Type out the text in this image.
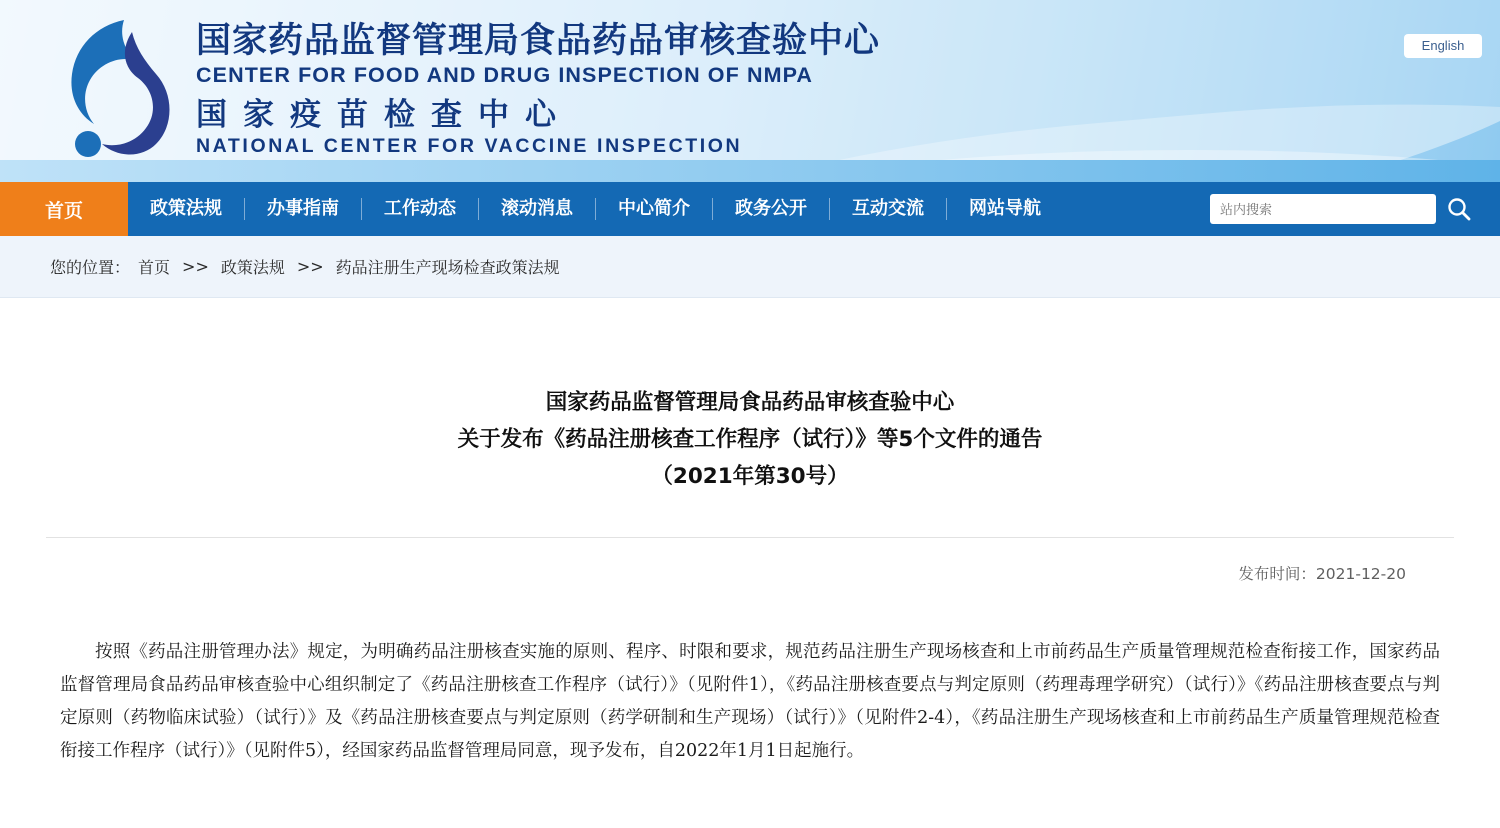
国家药品监督管理局食品药品审核查验中心
CENTER FOR FOOD AND DRUG INSPECTION OF NMPA
国家疫苗检查中心
NATIONAL CENTER FOR VACCINE INSPECTION
English
首页	政策法规	办事指南	工作动态	滚动消息	中心简介	政务公开	互动交流	网站导航
站内搜索
您的位置： 首页 >> 政策法规 >> 药品注册生产现场检查政策法规
国家药品监督管理局食品药品审核查验中心
关于发布《药品注册核查工作程序（试行）》等5个文件的通告
（2021年第30号）
发布时间：2021-12-20
按照《药品注册管理办法》规定，为明确药品注册核查实施的原则、程序、时限和要求，规范药品注册生产现场核查和上市前药品生产质量管理规范检查衔接工作，国家药品监督管理局食品药品审核查验中心组织制定了《药品注册核查工作程序（试行）》（见附件1），《药品注册核查要点与判定原则（药理毒理学研究）（试行）》《药品注册核查要点与判定原则（药物临床试验）（试行）》及《药品注册核查要点与判定原则（药学研制和生产现场）（试行）》（见附件2-4），《药品注册生产现场核查和上市前药品生产质量管理规范检查衔接工作程序（试行）》（见附件5），经国家药品监督管理局同意，现予发布，自2022年1月1日起施行。
